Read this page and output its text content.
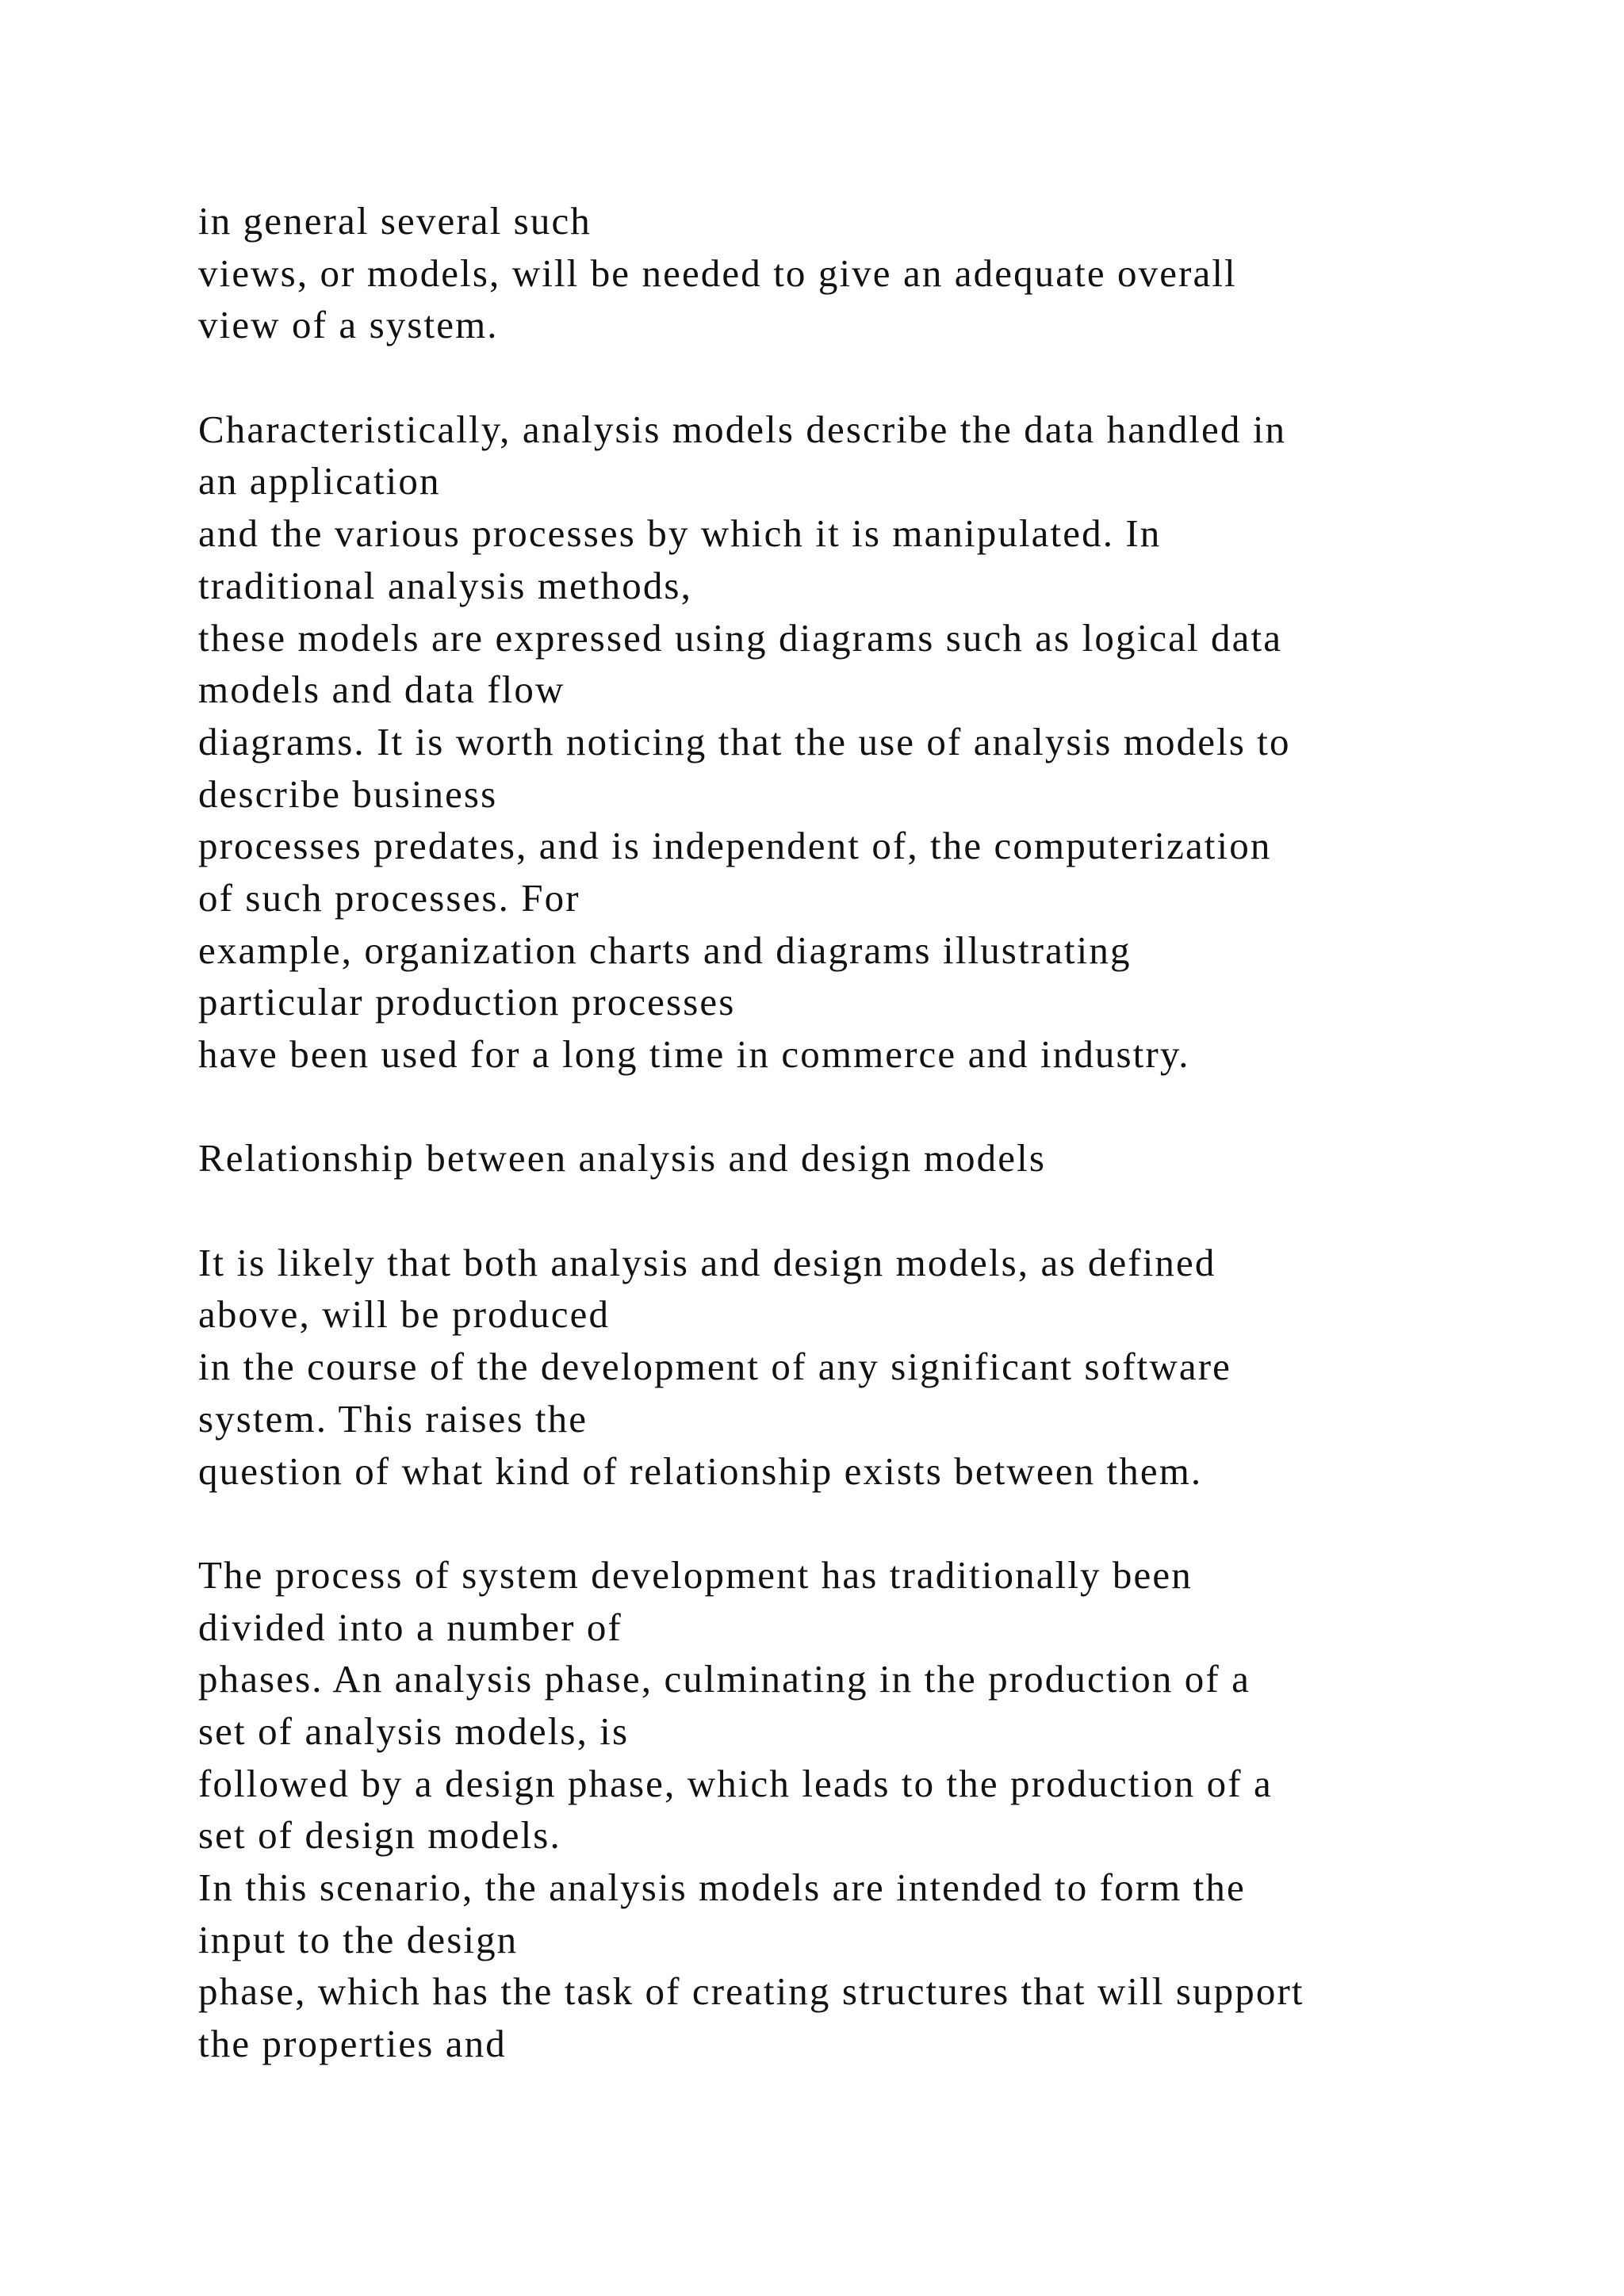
in general several such
views, or models, will be needed to give an adequate overall
view of a system.
Characteristically, analysis models describe the data handled in
an application
and the various processes by which it is manipulated. In
traditional analysis methods,
these models are expressed using diagrams such as logical data
models and data flow
diagrams. It is worth noticing that the use of analysis models to
describe business
processes predates, and is independent of, the computerization
of such processes. For
example, organization charts and diagrams illustrating
particular production processes
have been used for a long time in commerce and industry.
Relationship between analysis and design models
It is likely that both analysis and design models, as defined
above, will be produced
in the course of the development of any significant software
system. This raises the
question of what kind of relationship exists between them.
The process of system development has traditionally been
divided into a number of
phases. An analysis phase, culminating in the production of a
set of analysis models, is
followed by a design phase, which leads to the production of a
set of design models.
In this scenario, the analysis models are intended to form the
input to the design
phase, which has the task of creating structures that will support
the properties and
